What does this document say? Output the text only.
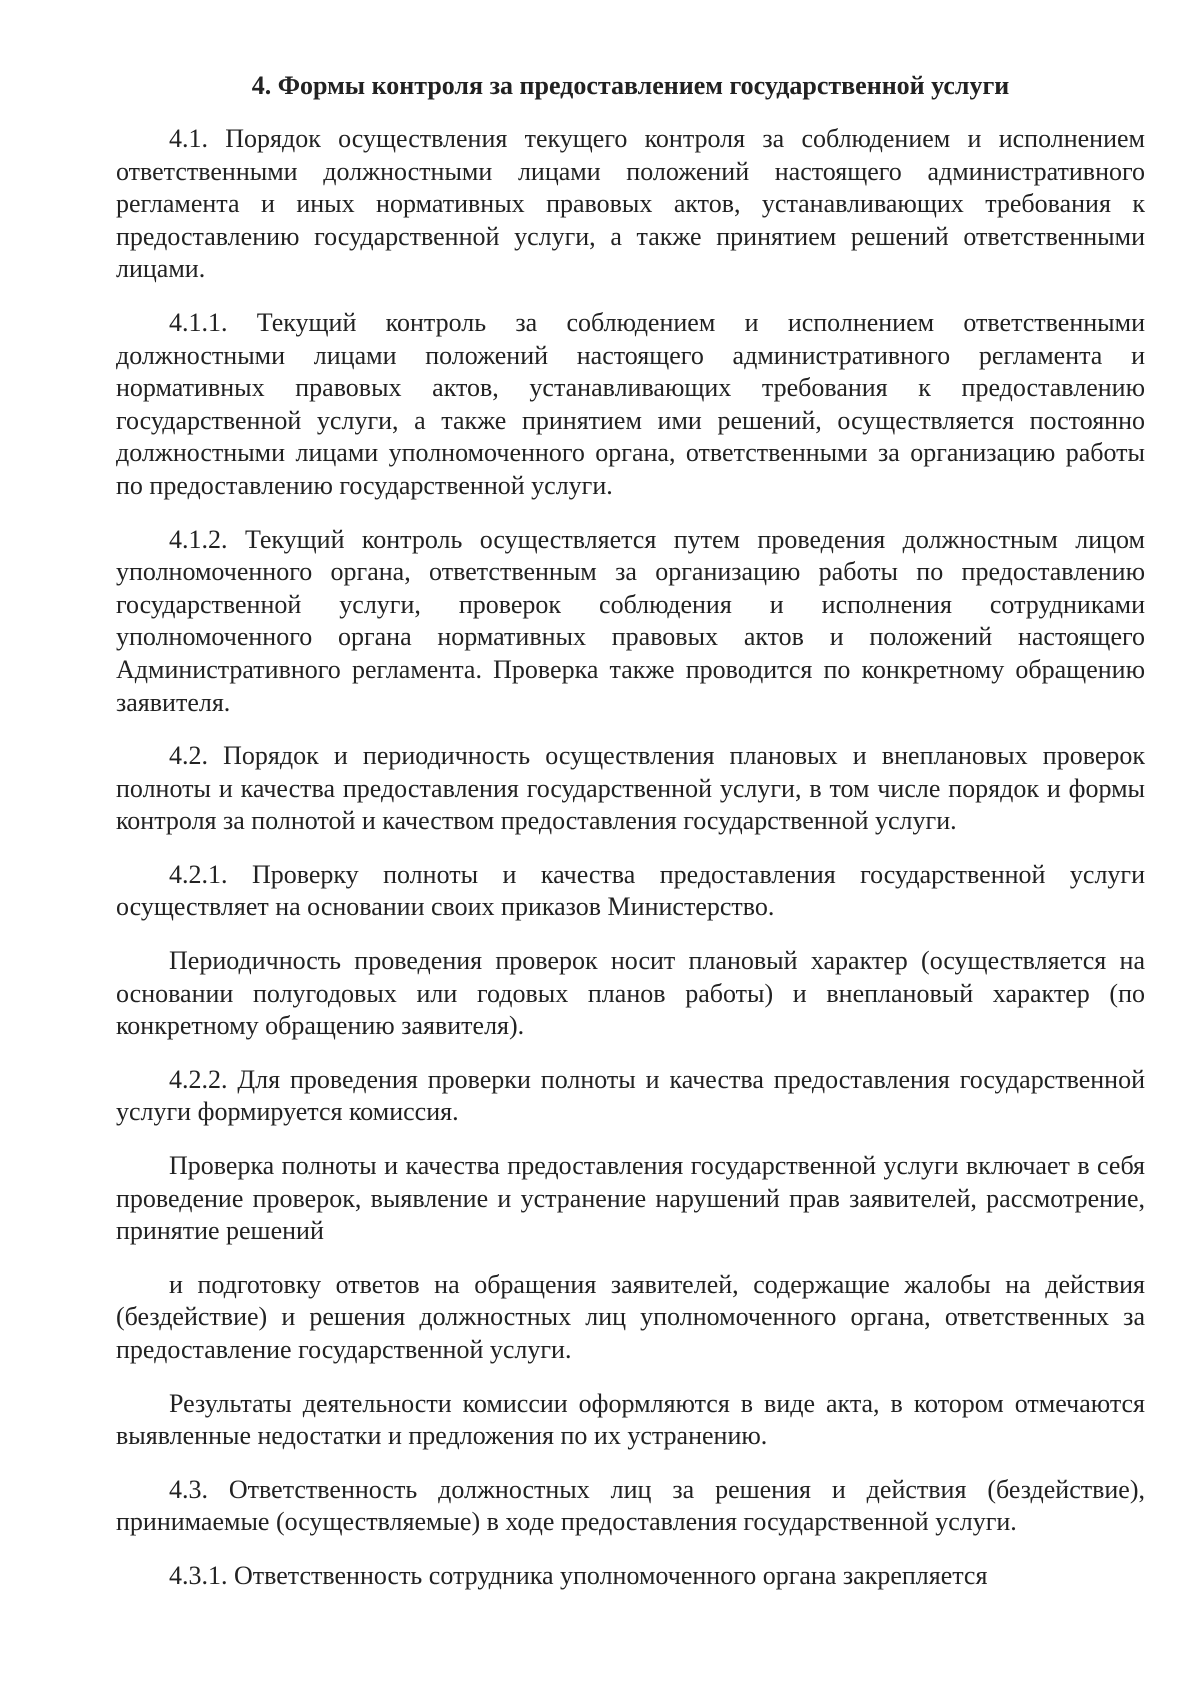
4. Формы контроля за предоставлением государственной услуги

4.1. Порядок осуществления текущего контроля за соблюдением и исполнением ответственными должностными лицами положений настоящего административного регламента и иных нормативных правовых актов, устанавливающих требования к предоставлению государственной услуги, а также принятием решений ответственными лицами.

4.1.1. Текущий контроль за соблюдением и исполнением ответственными должностными лицами положений настоящего административного регламента и нормативных правовых актов, устанавливающих требования к предоставлению государственной услуги, а также принятием ими решений, осуществляется постоянно должностными лицами уполномоченного органа, ответственными за организацию работы по предоставлению государственной услуги.

4.1.2. Текущий контроль осуществляется путем проведения должностным лицом уполномоченного органа, ответственным за организацию работы по предоставлению государственной услуги, проверок соблюдения и исполнения сотрудниками уполномоченного органа нормативных правовых актов и положений настоящего Административного регламента. Проверка также проводится по конкретному обращению заявителя.

4.2. Порядок и периодичность осуществления плановых и внеплановых проверок полноты и качества предоставления государственной услуги, в том числе порядок и формы контроля за полнотой и качеством предоставления государственной услуги.

4.2.1. Проверку полноты и качества предоставления государственной услуги осуществляет на основании своих приказов Министерство.

Периодичность проведения проверок носит плановый характер (осуществляется на основании полугодовых или годовых планов работы) и внеплановый характер (по конкретному обращению заявителя).

4.2.2. Для проведения проверки полноты и качества предоставления государственной услуги формируется комиссия.

Проверка полноты и качества предоставления государственной услуги включает в себя проведение проверок, выявление и устранение нарушений прав заявителей, рассмотрение, принятие решений

и подготовку ответов на обращения заявителей, содержащие жалобы на действия (бездействие) и решения должностных лиц уполномоченного органа, ответственных за предоставление государственной услуги.

Результаты деятельности комиссии оформляются в виде акта, в котором отмечаются выявленные недостатки и предложения по их устранению.

4.3. Ответственность должностных лиц за решения и действия (бездействие), принимаемые (осуществляемые) в ходе предоставления государственной услуги.

4.3.1. Ответственность сотрудника уполномоченного органа закрепляется
